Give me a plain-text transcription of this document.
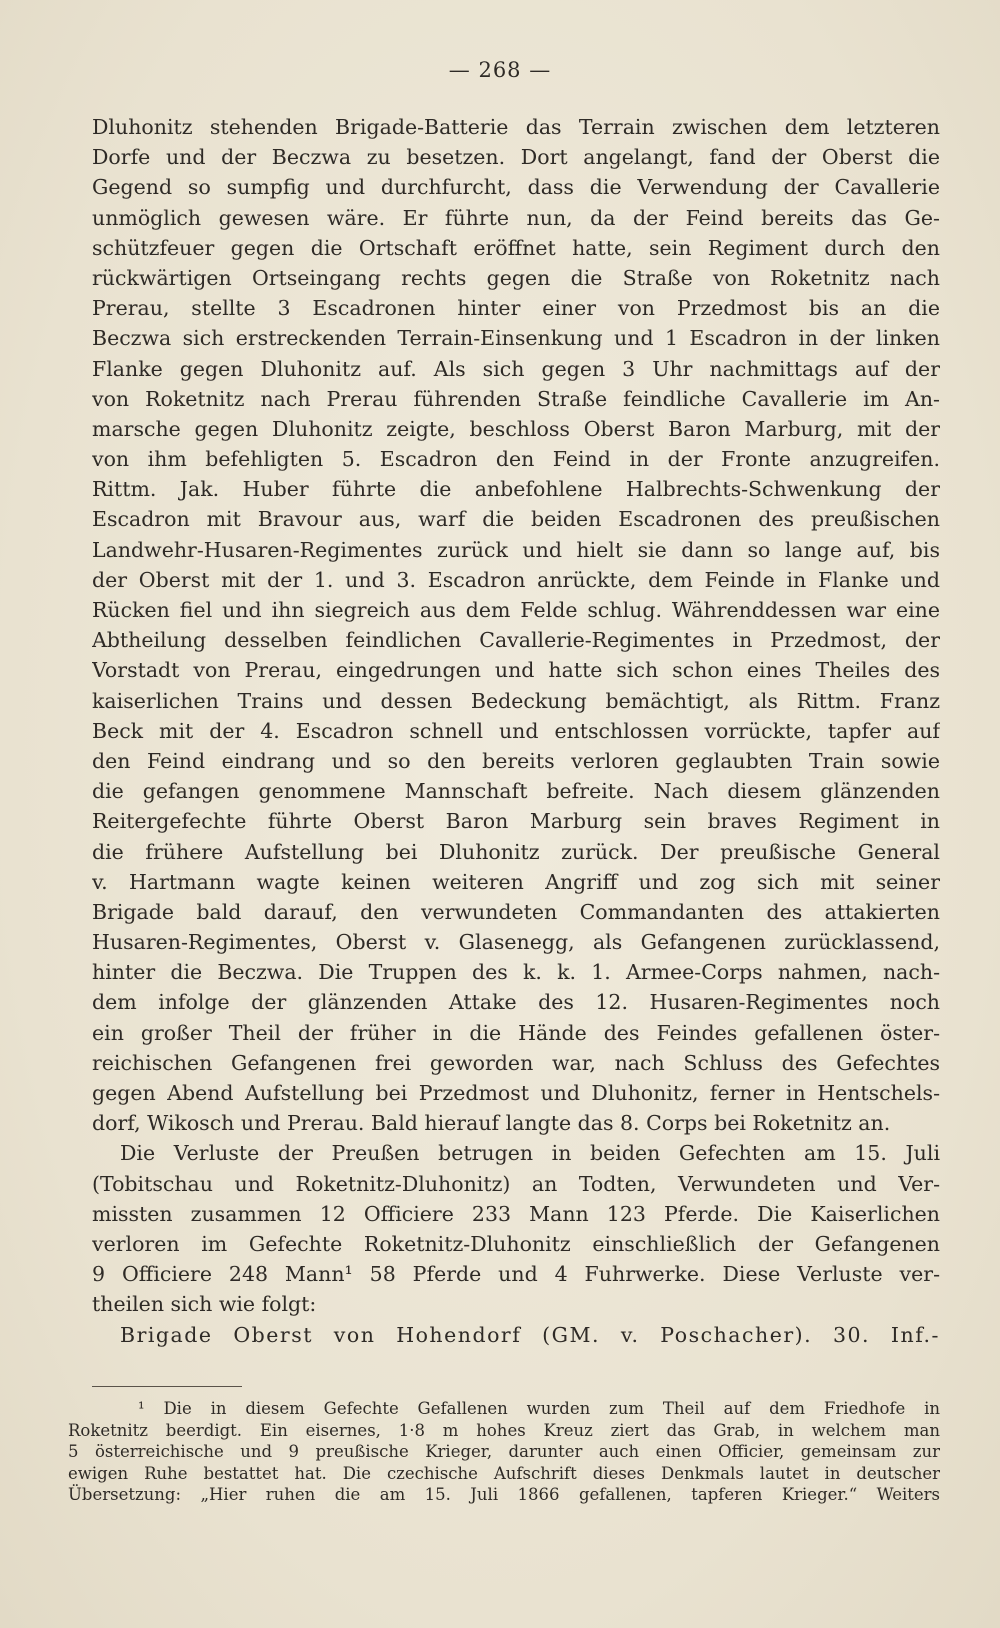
— 268 —
Dluhonitz stehenden Brigade-Batterie das Terrain zwischen dem letzteren
Dorfe und der Beczwa zu besetzen. Dort angelangt, fand der Oberst die
Gegend so sumpfig und durchfurcht, dass die Verwendung der Cavallerie
unmöglich gewesen wäre. Er führte nun, da der Feind bereits das Ge-
schützfeuer gegen die Ortschaft eröffnet hatte, sein Regiment durch den
rückwärtigen Ortseingang rechts gegen die Straße von Roketnitz nach
Prerau, stellte 3 Escadronen hinter einer von Przedmost bis an die
Beczwa sich erstreckenden Terrain-Einsenkung und 1 Escadron in der linken
Flanke gegen Dluhonitz auf. Als sich gegen 3 Uhr nachmittags auf der
von Roketnitz nach Prerau führenden Straße feindliche Cavallerie im An-
marsche gegen Dluhonitz zeigte, beschloss Oberst Baron Marburg, mit der
von ihm befehligten 5. Escadron den Feind in der Fronte anzugreifen.
Rittm. Jak. Huber führte die anbefohlene Halbrechts-Schwenkung der
Escadron mit Bravour aus, warf die beiden Escadronen des preußischen
Landwehr-Husaren-Regimentes zurück und hielt sie dann so lange auf, bis
der Oberst mit der 1. und 3. Escadron anrückte, dem Feinde in Flanke und
Rücken fiel und ihn siegreich aus dem Felde schlug. Währenddessen war eine
Abtheilung desselben feindlichen Cavallerie-Regimentes in Przedmost, der
Vorstadt von Prerau, eingedrungen und hatte sich schon eines Theiles des
kaiserlichen Trains und dessen Bedeckung bemächtigt, als Rittm. Franz
Beck mit der 4. Escadron schnell und entschlossen vorrückte, tapfer auf
den Feind eindrang und so den bereits verloren geglaubten Train sowie
die gefangen genommene Mannschaft befreite. Nach diesem glänzenden
Reitergefechte führte Oberst Baron Marburg sein braves Regiment in
die frühere Aufstellung bei Dluhonitz zurück. Der preußische General
v. Hartmann wagte keinen weiteren Angriff und zog sich mit seiner
Brigade bald darauf, den verwundeten Commandanten des attakierten
Husaren-Regimentes, Oberst v. Glasenegg, als Gefangenen zurücklassend,
hinter die Beczwa. Die Truppen des k. k. 1. Armee-Corps nahmen, nach-
dem infolge der glänzenden Attake des 12. Husaren-Regimentes noch
ein großer Theil der früher in die Hände des Feindes gefallenen öster-
reichischen Gefangenen frei geworden war, nach Schluss des Gefechtes
gegen Abend Aufstellung bei Przedmost und Dluhonitz, ferner in Hentschels-
dorf, Wikosch und Prerau. Bald hierauf langte das 8. Corps bei Roketnitz an.
Die Verluste der Preußen betrugen in beiden Gefechten am 15. Juli
(Tobitschau und Roketnitz-Dluhonitz) an Todten, Verwundeten und Ver-
missten zusammen 12 Officiere 233 Mann 123 Pferde. Die Kaiserlichen
verloren im Gefechte Roketnitz-Dluhonitz einschließlich der Gefangenen
9 Officiere 248 Mann¹ 58 Pferde und 4 Fuhrwerke. Diese Verluste ver-
theilen sich wie folgt:
Brigade Oberst von Hohendorf (GM. v. Poschacher). 30. Inf.-
¹ Die in diesem Gefechte Gefallenen wurden zum Theil auf dem Friedhofe in
Roketnitz beerdigt. Ein eisernes, 1·8 m hohes Kreuz ziert das Grab, in welchem man
5 österreichische und 9 preußische Krieger, darunter auch einen Officier, gemeinsam zur
ewigen Ruhe bestattet hat. Die czechische Aufschrift dieses Denkmals lautet in deutscher
Übersetzung: „Hier ruhen die am 15. Juli 1866 gefallenen, tapferen Krieger.“ Weiters
